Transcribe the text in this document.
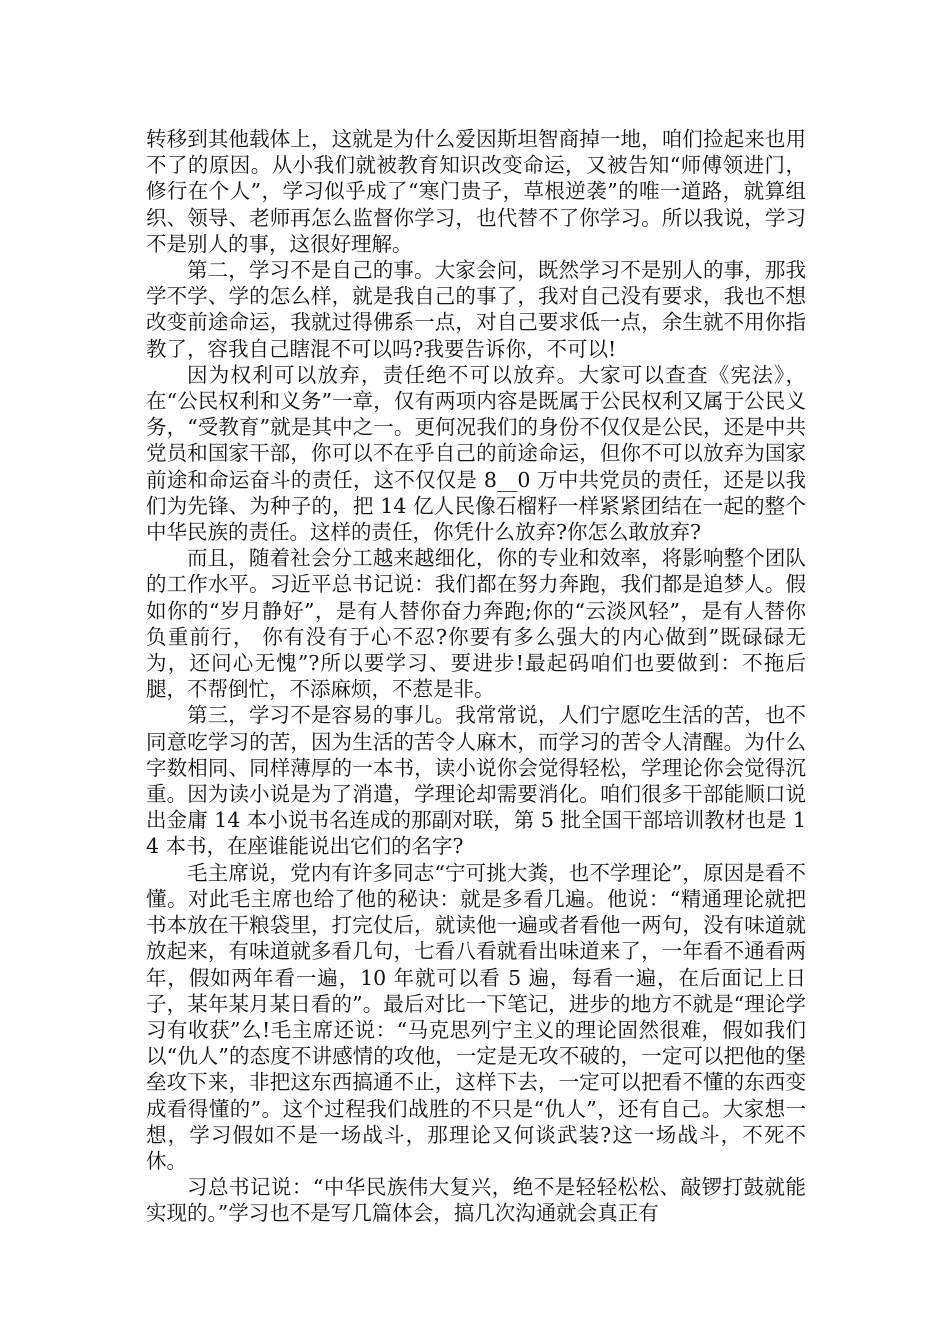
转移到其他载体上，这就是为什么爱因斯坦智商掉一地，咱们捡起来也用不了的原因。从小我们就被教育知识改变命运，又被告知“师傅领进门，修行在个人”，学习似乎成了“寒门贵子，草根逆袭”的唯一道路，就算组织、领导、老师再怎么监督你学习，也代替不了你学习。所以我说，学习不是别人的事，这很好理解。

第二，学习不是自己的事。大家会问，既然学习不是别人的事，那我学不学、学的怎么样，就是我自己的事了，我对自己没有要求，我也不想改变前途命运，我就过得佛系一点，对自己要求低一点，余生就不用你指教了，容我自己瞎混不可以吗?我要告诉你，不可以!

因为权利可以放弃，责任绝不可以放弃。大家可以查查《宪法》，在“公民权利和义务”一章，仅有两项内容是既属于公民权利又属于公民义务，“受教育”就是其中之一。更何况我们的身份不仅仅是公民，还是中共党员和国家干部，你可以不在乎自己的前途命运，但你不可以放弃为国家前途和命运奋斗的责任，这不仅仅是 8__0 万中共党员的责任，还是以我们为先锋、为种子的，把 14 亿人民像石榴籽一样紧紧团结在一起的整个中华民族的责任。这样的责任，你凭什么放弃?你怎么敢放弃?

而且，随着社会分工越来越细化，你的专业和效率，将影响整个团队的工作水平。习近平总书记说：我们都在努力奔跑，我们都是追梦人。假如你的“岁月静好”，是有人替你奋力奔跑;你的“云淡风轻”，是有人替你负重前行， 你有没有于心不忍?你要有多么强大的内心做到”既碌碌无为，还问心无愧”?所以要学习、要进步!最起码咱们也要做到：不拖后腿，不帮倒忙，不添麻烦，不惹是非。

第三，学习不是容易的事儿。我常常说，人们宁愿吃生活的苦，也不同意吃学习的苦，因为生活的苦令人麻木，而学习的苦令人清醒。为什么字数相同、同样薄厚的一本书，读小说你会觉得轻松，学理论你会觉得沉重。因为读小说是为了消遣，学理论却需要消化。咱们很多干部能顺口说出金庸 14 本小说书名连成的那副对联，第 5 批全国干部培训教材也是 14 本书，在座谁能说出它们的名字?

毛主席说，党内有许多同志“宁可挑大粪，也不学理论”，原因是看不懂。对此毛主席也给了他的秘诀：就是多看几遍。他说：“精通理论就把书本放在干粮袋里，打完仗后，就读他一遍或者看他一两句，没有味道就放起来，有味道就多看几句，七看八看就看出味道来了，一年看不通看两年，假如两年看一遍，10 年就可以看 5 遍，每看一遍，在后面记上日子，某年某月某日看的”。最后对比一下笔记，进步的地方不就是“理论学习有收获”么!毛主席还说：“马克思列宁主义的理论固然很难，假如我们以“仇人”的态度不讲感情的攻他，一定是无攻不破的，一定可以把他的堡垒攻下来，非把这东西搞通不止，这样下去，一定可以把看不懂的东西变成看得懂的”。这个过程我们战胜的不只是“仇人”，还有自己。大家想一想，学习假如不是一场战斗，那理论又何谈武装?这一场战斗，不死不休。

习总书记说：“中华民族伟大复兴，绝不是轻轻松松、敲锣打鼓就能实现的。”学习也不是写几篇体会，搞几次沟通就会真正有
